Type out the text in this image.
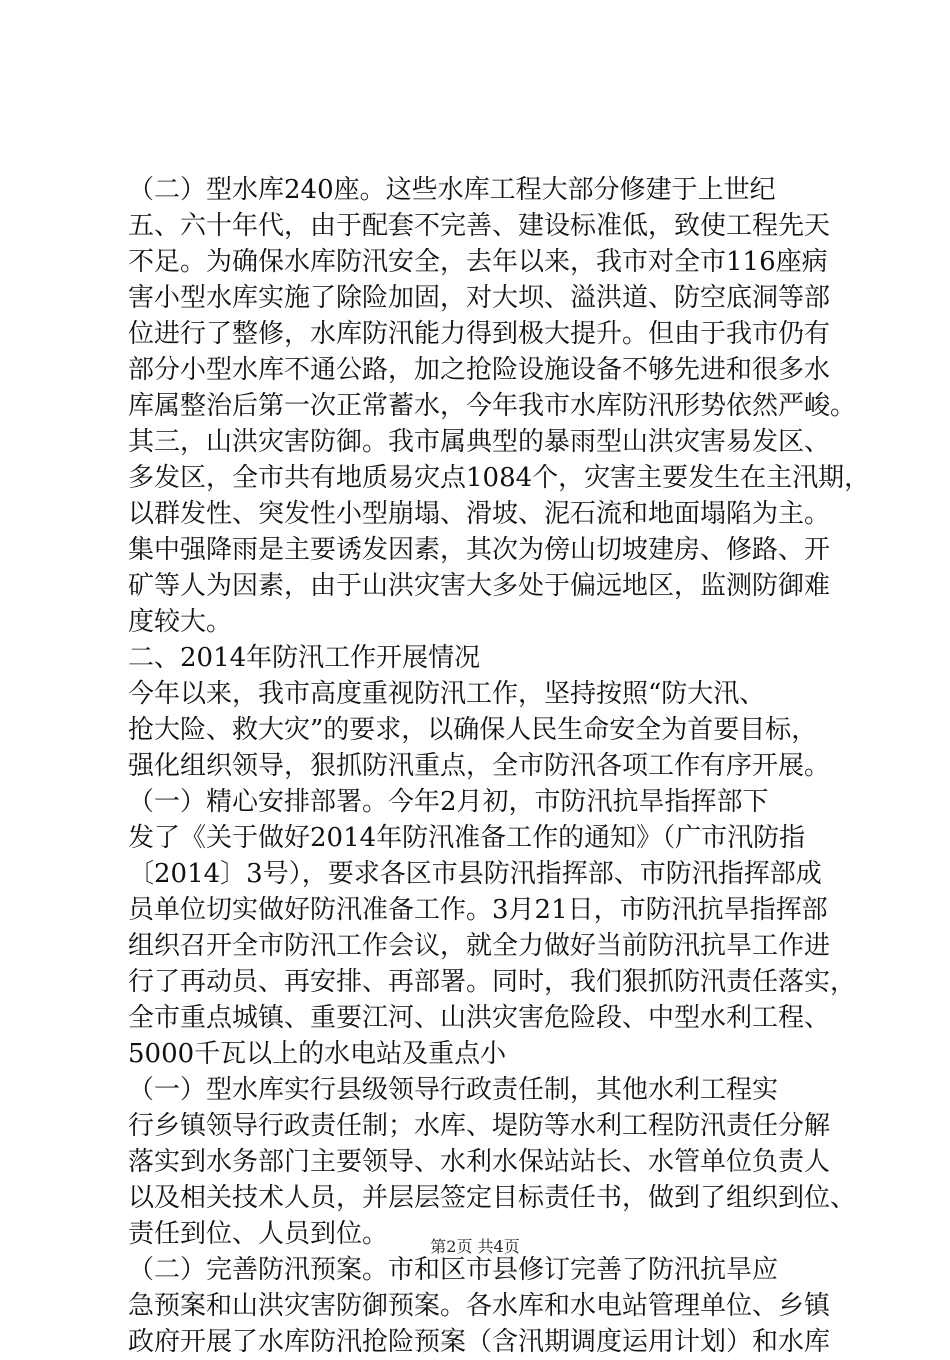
（二）型水库240座。这些水库工程大部分修建于上世纪
五、六十年代，由于配套不完善、建设标准低，致使工程先天
不足。为确保水库防汛安全，去年以来，我市对全市116座病
害小型水库实施了除险加固，对大坝、溢洪道、防空底洞等部
位进行了整修，水库防汛能力得到极大提升。但由于我市仍有
部分小型水库不通公路，加之抢险设施设备不够先进和很多水
库属整治后第一次正常蓄水，今年我市水库防汛形势依然严峻。
其三，山洪灾害防御。我市属典型的暴雨型山洪灾害易发区、
多发区，全市共有地质易灾点1084个，灾害主要发生在主汛期，
以群发性、突发性小型崩塌、滑坡、泥石流和地面塌陷为主。
集中强降雨是主要诱发因素，其次为傍山切坡建房、修路、开
矿等人为因素，由于山洪灾害大多处于偏远地区，监测防御难
度较大。
二、2014年防汛工作开展情况
今年以来，我市高度重视防汛工作，坚持按照“防大汛、
抢大险、救大灾”的要求，以确保人民生命安全为首要目标，
强化组织领导，狠抓防汛重点，全市防汛各项工作有序开展。
（一）精心安排部署。今年2月初，市防汛抗旱指挥部下
发了《关于做好2014年防汛准备工作的通知》（广市汛防指
〔2014〕3号），要求各区市县防汛指挥部、市防汛指挥部成
员单位切实做好防汛准备工作。3月21日，市防汛抗旱指挥部
组织召开全市防汛工作会议，就全力做好当前防汛抗旱工作进
行了再动员、再安排、再部署。同时，我们狠抓防汛责任落实，
全市重点城镇、重要江河、山洪灾害危险段、中型水利工程、
5000千瓦以上的水电站及重点小
（一）型水库实行县级领导行政责任制，其他水利工程实
行乡镇领导行政责任制；水库、堤防等水利工程防汛责任分解
落实到水务部门主要领导、水利水保站站长、水管单位负责人
以及相关技术人员，并层层签定目标责任书，做到了组织到位、
责任到位、人员到位。
（二）完善防汛预案。市和区市县修订完善了防汛抗旱应
急预案和山洪灾害防御预案。各水库和水电站管理单位、乡镇
政府开展了水库防汛抢险预案（含汛期调度运用计划）和水库
第2页 共4页
